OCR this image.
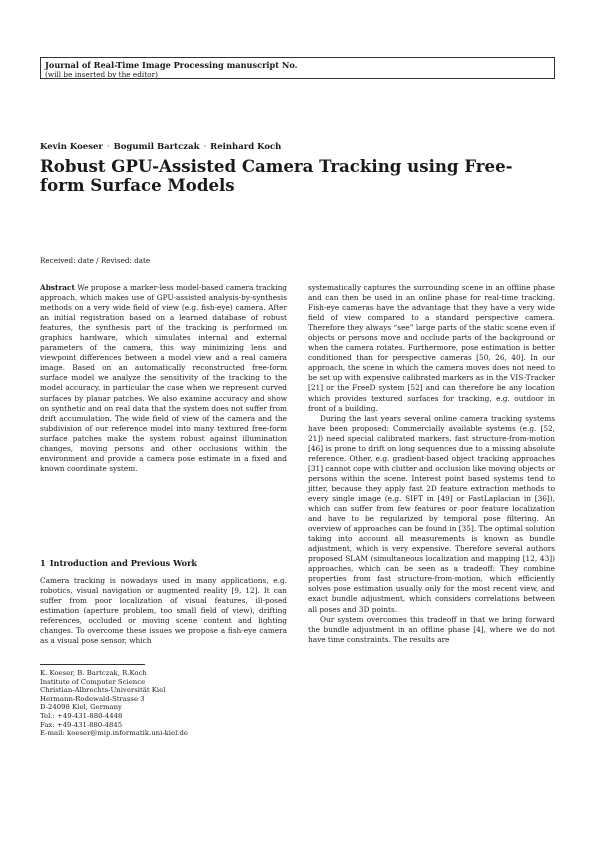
Journal of Real-Time Image Processing manuscript No.
(will be inserted by the editor)
Kevin Koeser · Bogumil Bartczak · Reinhard Koch
Robust GPU-Assisted Camera Tracking using Free-form Surface Models
Received: date / Revised: date

Abstract We propose a marker-less model-based camera tracking approach, which makes use of GPU-assisted analysis-by-synthesis methods on a very wide field of view (e.g. fish-eye) camera. After an initial registration based on a learned database of robust features, the synthesis part of the tracking is performed on graphics hardware, which simulates internal and external parameters of the camera, this way minimizing lens and viewpoint differences between a model view and a real camera image. Based on an automatically reconstructed free-form surface model we analyze the sensitivity of the tracking to the model accuracy, in particular the case when we represent curved surfaces by planar patches. We also examine accuracy and show on synthetic and on real data that the system does not suffer from drift accumulation. The wide field of view of the camera and the subdivision of our reference model into many textured free-form surface patches make the system robust against illumination changes, moving persons and other occlusions within the environment and provide a camera pose estimate in a fixed and known coordinate system.

1 Introduction and Previous Work

Camera tracking is nowadays used in many applications, e.g. robotics, visual navigation or augmented reality [9, 12]. It can suffer from poor localization of visual features, ill-posed estimation (aperture problem, too small field of view), drifting references, occluded or moving scene content and lighting changes. To overcome these issues we propose a fish-eye camera as a visual pose sensor, which

K. Koeser, B. Bartczak, R.Koch
Institute of Computer Science
Christian-Albrechts-Universität Kiel
Hermann-Rodewald-Strasse 3
D-24098 Kiel, Germany
Tel.: +49-431-880-4448
Fax: +49-431-880-4845
E-mail: koeser@mip.informatik.uni-kiel.de

systematically captures the surrounding scene in an offline phase and can then be used in an online phase for real-time tracking. Fish-eye cameras have the advantage that they have a very wide field of view compared to a standard perspective camera. Therefore they always “see” large parts of the static scene even if objects or persons move and occlude parts of the background or when the camera rotates. Furthermore, pose estimation is better conditioned than for perspective cameras [50, 26, 40]. In our approach, the scene in which the camera moves does not need to be set up with expensive calibrated markers as in the VIS-Tracker [21] or the FreeD system [52] and can therefore be any location which provides textured surfaces for tracking, e.g. outdoor in front of a building.

During the last years several online camera tracking systems have been proposed: Commercially available systems (e.g. [52, 21]) need special calibrated markers, fast structure-from-motion [46] is prone to drift on long sequences due to a missing absolute reference. Other, e.g. gradient-based object tracking approaches [31] cannot cope with clutter and occlusion like moving objects or persons within the scene. Interest point based systems tend to jitter, because they apply fast 2D feature extraction methods to every single image (e.g. SIFT in [49] or FastLaplacian in [36]), which can suffer from few features or poor feature localization and have to be regularized by temporal pose filtering. An overview of approaches can be found in [35]. The optimal solution taking into account all measurements is known as bundle adjustment, which is very expensive. Therefore several authors proposed SLAM (simultaneous localization and mapping [12, 43]) approaches, which can be seen as a tradeoff: They combine properties from fast structure-from-motion, which efficiently solves pose estimation usually only for the most recent view, and exact bundle adjustment, which considers correlations between all poses and 3D points.

Our system overcomes this tradeoff in that we bring forward the bundle adjustment in an offline phase [4], where we do not have time constraints. The results are
